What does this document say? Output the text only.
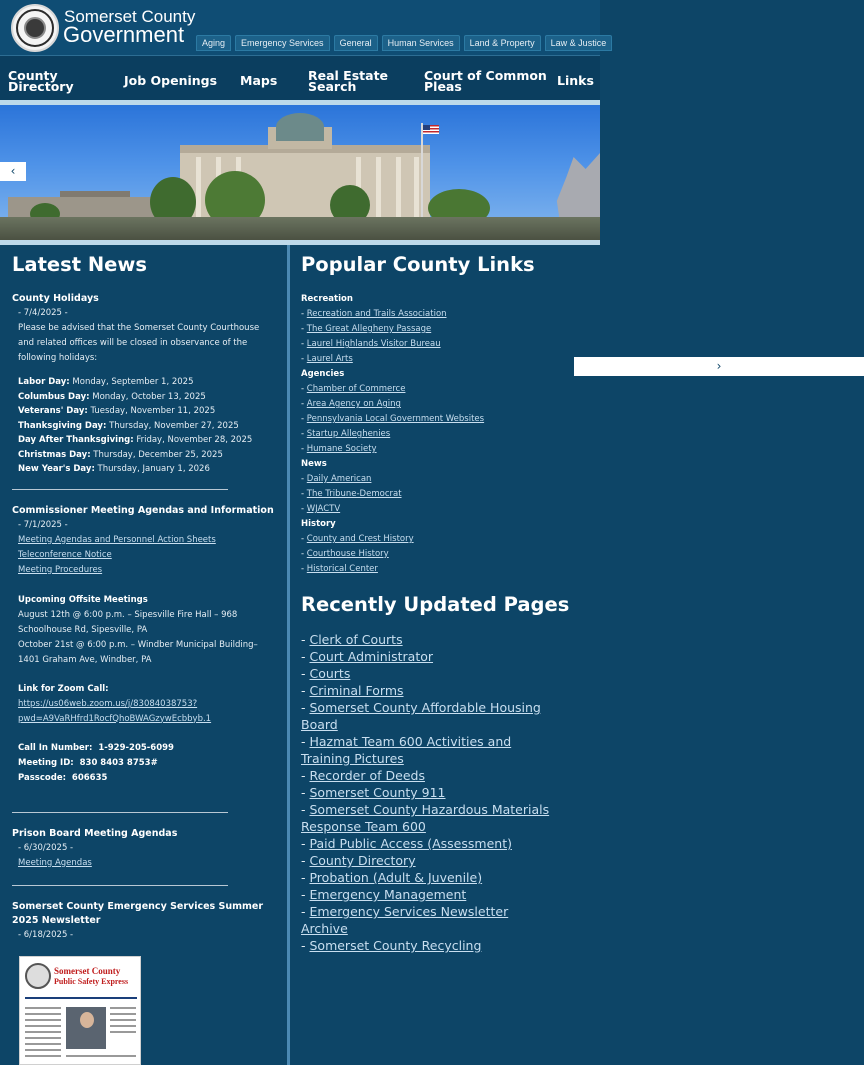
Somerset County
Government	Aging	Emergency Services	General	Human Services	Land & Property	Law & Justice
County
Directory	Job Openings Maps Real Estate
Search
Court of Common
Pleas	Links
‹
›
Latest News
County Holidays
- 7/4/2025 -
Please be advised that the Somerset County Courthouse
and related offices will be closed in observance of the
following holidays:
Labor Day: Monday, September 1, 2025
Columbus Day: Monday, October 13, 2025
Veterans' Day: Tuesday, November 11, 2025
Thanksgiving Day: Thursday, November 27, 2025
Day After Thanksgiving: Friday, November 28, 2025
Christmas Day: Thursday, December 25, 2025
New Year's Day: Thursday, January 1, 2026
Commissioner Meeting Agendas and Information
- 7/1/2025 -
Meeting Agendas and Personnel Action Sheets
Teleconference Notice
Meeting Procedures
Upcoming Offsite Meetings
August 12th @ 6:00 p.m. – Sipesville Fire Hall – 968
Schoolhouse Rd, Sipesville, PA
October 21st @ 6:00 p.m. – Windber Municipal Building–
1401 Graham Ave, Windber, PA
Link for Zoom Call:
https://us06web.zoom.us/j/83084038753?
pwd=A9VaRHfrd1RocfQhoBWAGzywEcbbyb.1
Call In Number: 1-929-205-6099
Meeting ID: 830 8403 8753#
Passcode: 606635
Prison Board Meeting Agendas
- 6/30/2025 -
Meeting Agendas
Somerset County Emergency Services Summer
2025 Newsletter
- 6/18/2025 -
Somerset County
Public Safety Express
Popular County Links
Recreation
- Recreation and Trails Association
- The Great Allegheny Passage
- Laurel Highlands Visitor Bureau
- Laurel Arts
Agencies
- Chamber of Commerce
- Area Agency on Aging
- Pennsylvania Local Government Websites
- Startup Alleghenies
- Humane Society
News
- Daily American
- The Tribune-Democrat
- WJACTV
History
- County and Crest History
- Courthouse History
- Historical Center
Recently Updated Pages
- Clerk of Courts
- Court Administrator
- Courts
- Criminal Forms
- Somerset County Affordable Housing
Board
- Hazmat Team 600 Activities and
Training Pictures
- Recorder of Deeds
- Somerset County 911
- Somerset County Hazardous Materials
Response Team 600
- Paid Public Access (Assessment)
- County Directory
- Probation (Adult & Juvenile)
- Emergency Management
- Emergency Services Newsletter
Archive
- Somerset County Recycling
